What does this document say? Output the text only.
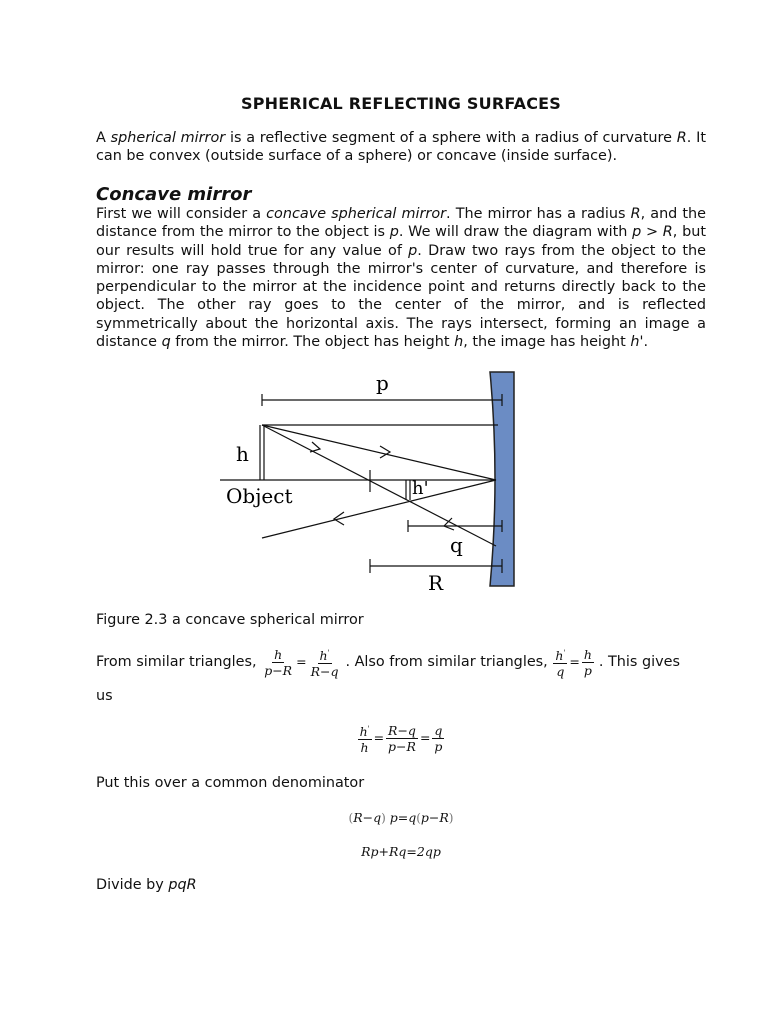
SPHERICAL REFLECTING SURFACES
A spherical mirror is a reflective segment of a sphere with a radius of curvature R. It can be convex (outside surface of a sphere) or concave (inside surface).
Concave mirror
First we will consider a concave spherical mirror. The mirror has a radius R, and the distance from the mirror to the object is p. We will draw the diagram with p > R, but our results will hold true for any value of p. Draw two rays from the object to the mirror: one ray passes through the mirror's center of curvature, and therefore is perpendicular to the mirror at the incidence point and returns directly back to the object. The other ray goes to the center of the mirror, and is reflected symmetrically about the horizontal axis. The rays intersect, forming an image a distance q from the mirror. The object has height h, the image has height h'.
p
h
Object	h'
q
R
Figure 2.3 a concave spherical mirror
From similar triangles, $\frac{h}{p-R} = \frac{h'}{R-q}$ . Also from similar triangles, $\frac{h'}{q} = \frac{h}{p}$ . This gives
us
$\frac{h'}{h} = \frac{R-q}{p-R} = \frac{q}{p}$
Put this over a common denominator
(R−q) p=q(p−R)
Rp+Rq=2qp
Divide by pqR
